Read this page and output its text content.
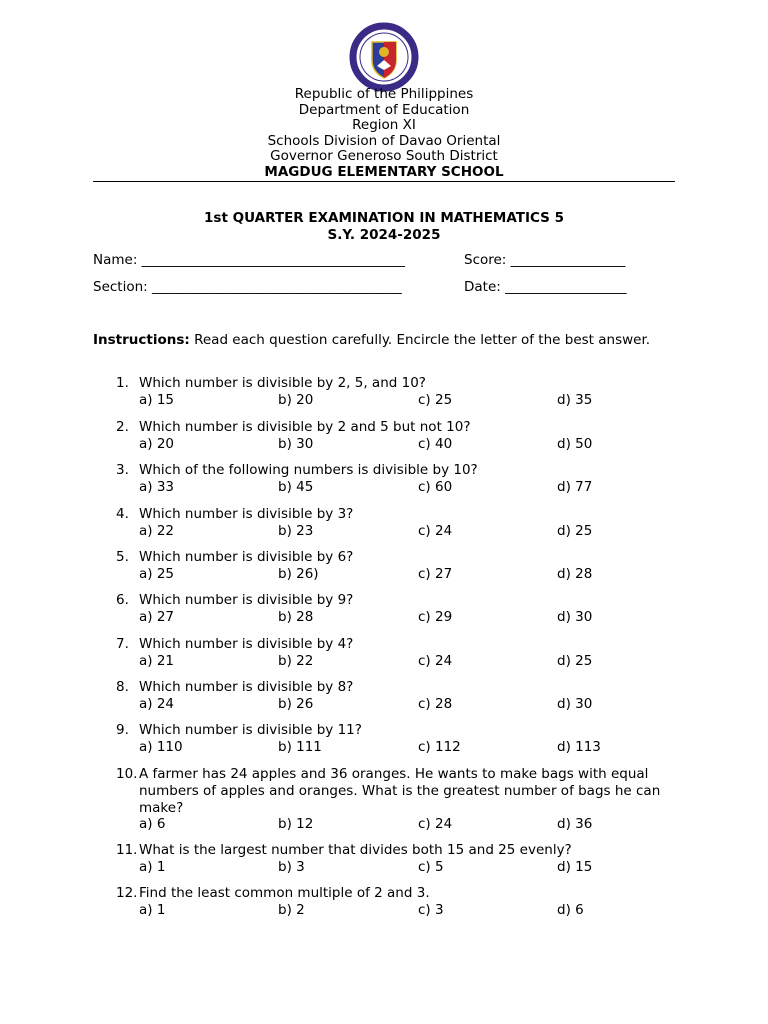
Republic of the Philippines
Department of Education
Region XI
Schools Division of Davao Oriental
Governor Generoso South District
MAGDUG ELEMENTARY SCHOOL
1st QUARTER EXAMINATION IN MATHEMATICS 5
S.Y. 2024-2025
Name: _______________________________________	Score: _________________
Section: _____________________________________	Date: __________________
Instructions: Read each question carefully. Encircle the letter of the best answer.
1. Which number is divisible by 2, 5, and 10?
a) 15	b) 20	c) 25	d) 35
2. Which number is divisible by 2 and 5 but not 10?
a) 20	b) 30	c) 40	d) 50
3. Which of the following numbers is divisible by 10?
a) 33	b) 45	c) 60	d) 77
4. Which number is divisible by 3?
a) 22	b) 23	c) 24	d) 25
5. Which number is divisible by 6?
a) 25	b) 26)	c) 27	d) 28
6. Which number is divisible by 9?
a) 27	b) 28	c) 29	d) 30
7. Which number is divisible by 4?
a) 21	b) 22	c) 24	d) 25
8. Which number is divisible by 8?
a) 24	b) 26	c) 28	d) 30
9. Which number is divisible by 11?
a) 110	b) 111	c) 112	d) 113
10. A farmer has 24 apples and 36 oranges. He wants to make bags with equal numbers of apples and oranges. What is the greatest number of bags he can make?
a) 6	b) 12	c) 24	d) 36
11. What is the largest number that divides both 15 and 25 evenly?
a) 1	b) 3	c) 5	d) 15
12. Find the least common multiple of 2 and 3.
a) 1	b) 2	c) 3	d) 6
